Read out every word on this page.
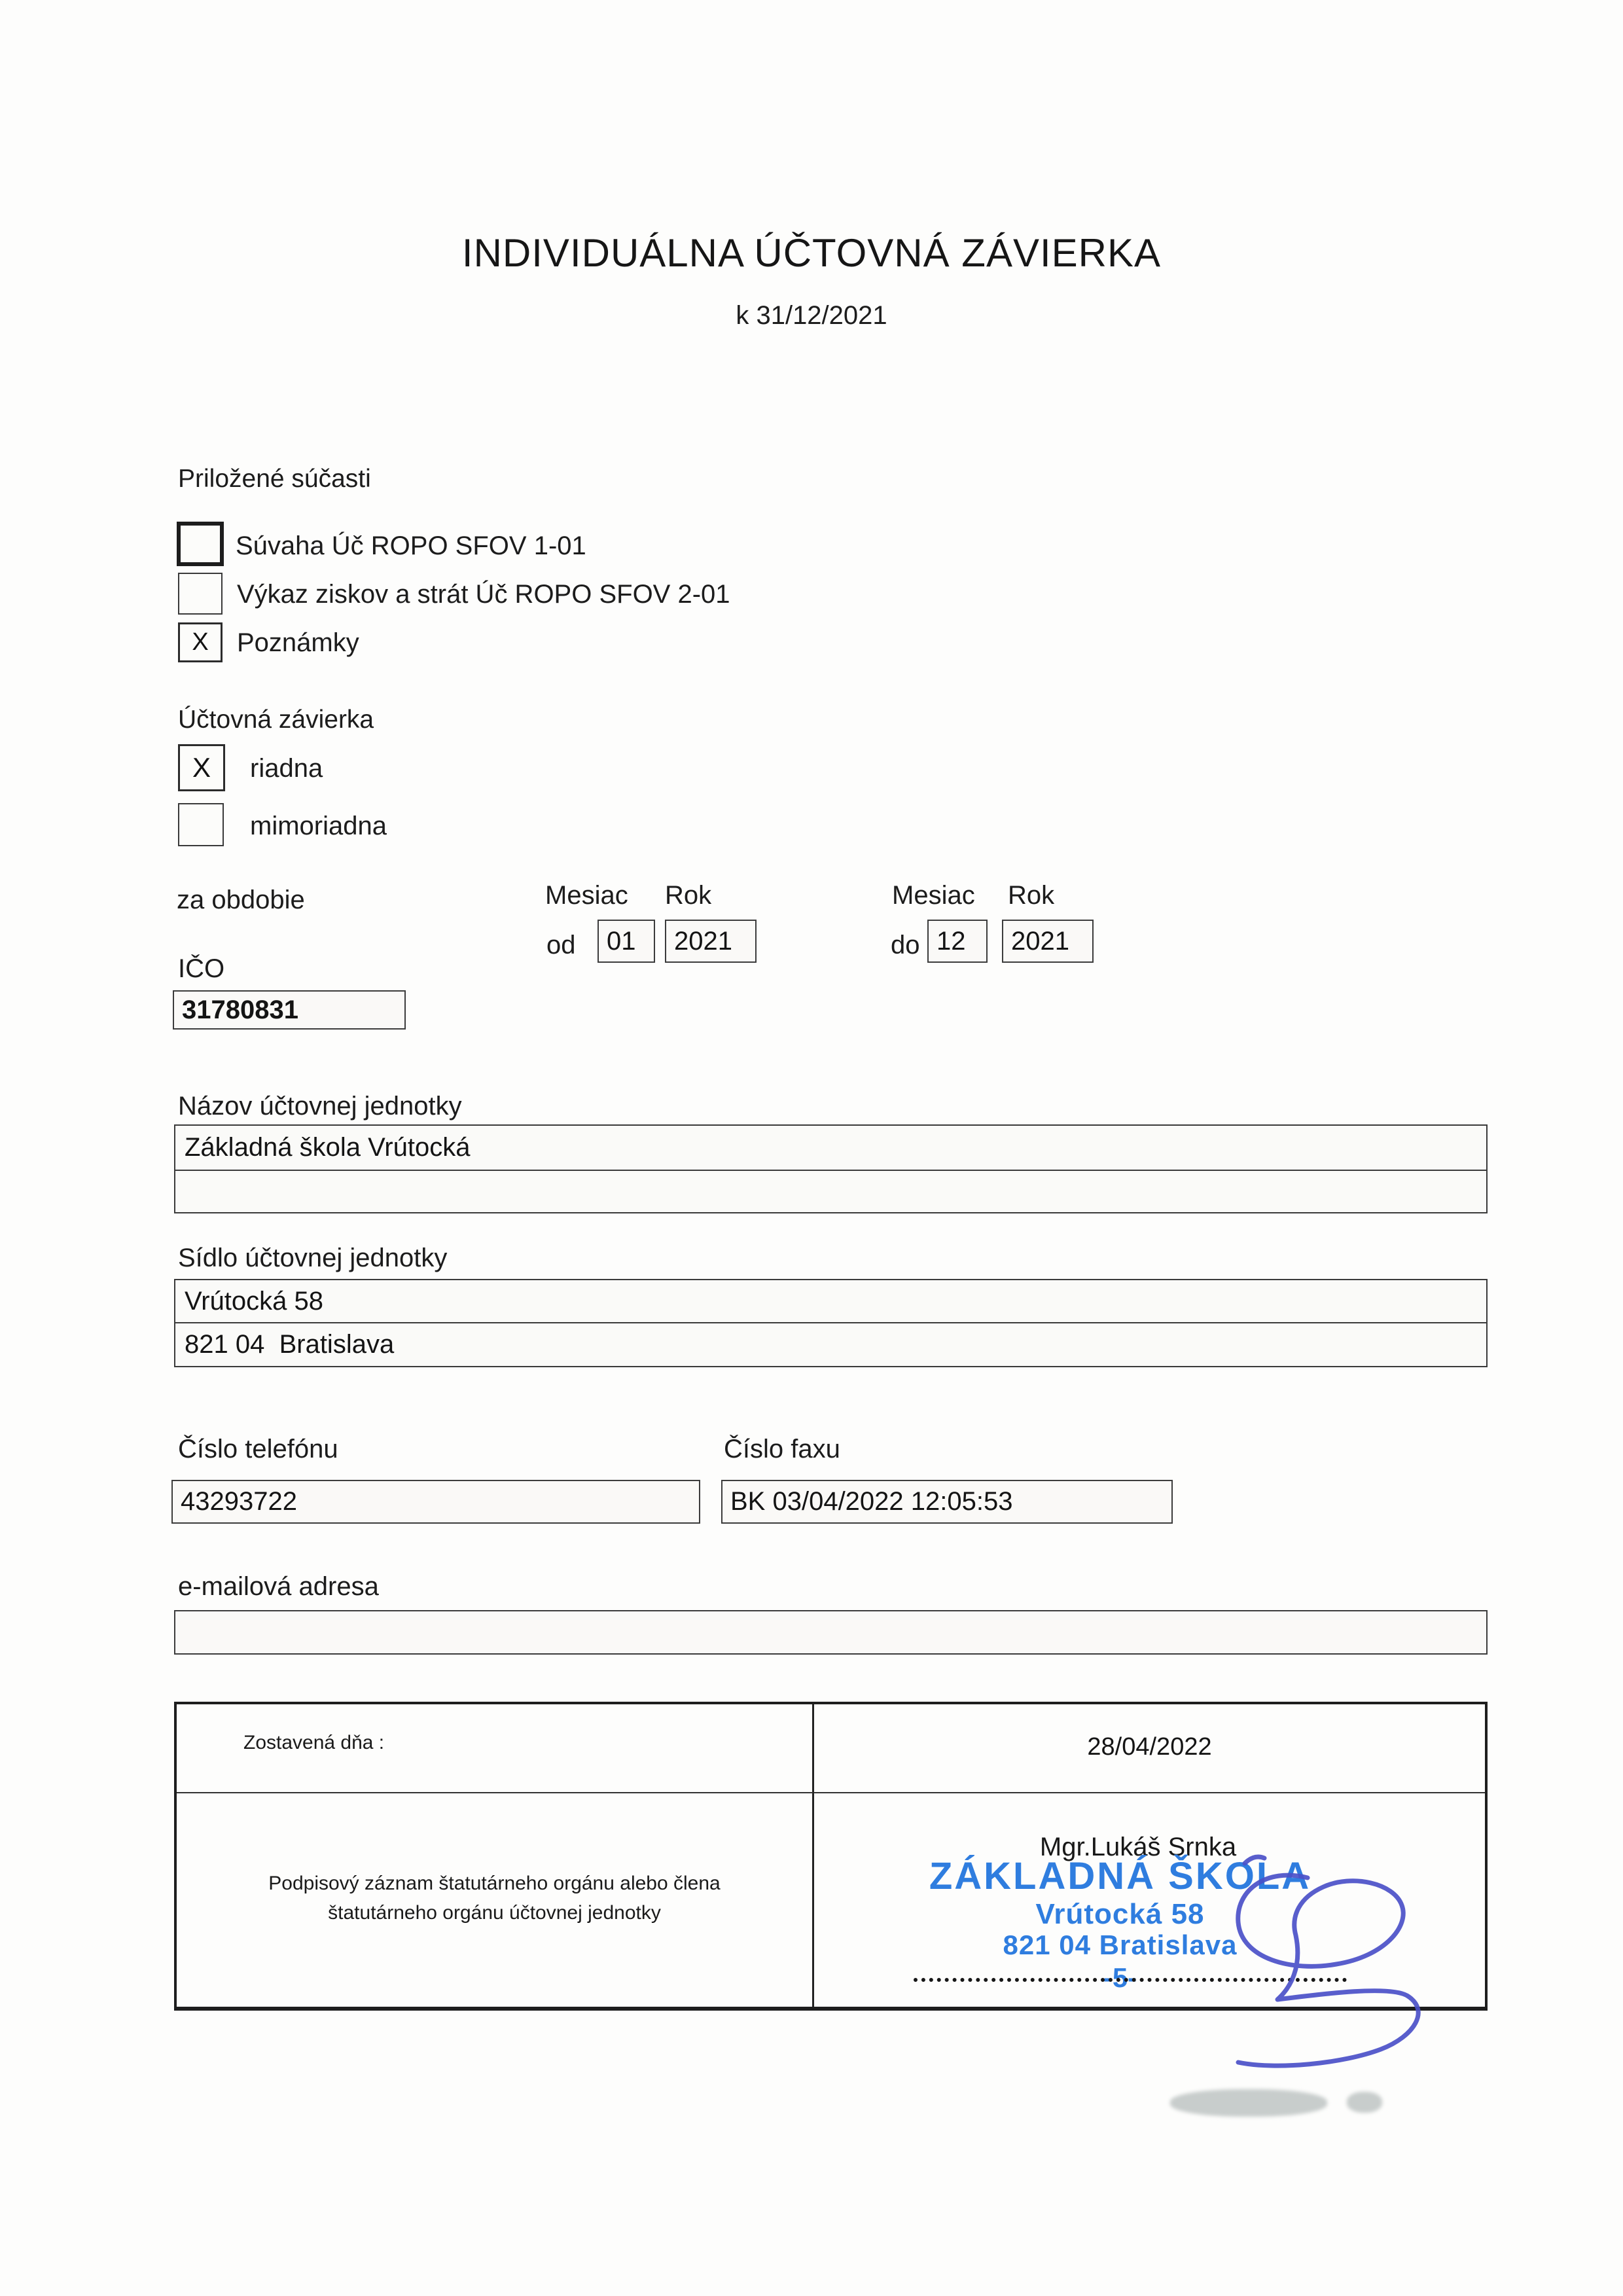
INDIVIDUÁLNA ÚČTOVNÁ ZÁVIERKA
k 31/12/2021
Priložené súčasti
Súvaha Úč ROPO SFOV 1-01
Výkaz ziskov a strát Úč ROPO SFOV 2-01
X Poznámky
Účtovná závierka
X riadna
mimoriadna
za obdobie	Mesiac Rok	Mesiac Rok
od 01 2021	do 12 2021
IČO
31780831
Názov účtovnej jednotky
Základná škola Vrútocká
Sídlo účtovnej jednotky
Vrútocká 58
821 04  Bratislava
Číslo telefónu	Číslo faxu
43293722	BK 03/04/2022 12:05:53
e-mailová adresa
Zostavená dňa :	28/04/2022
Podpisový záznam štatutárneho orgánu alebo člena
štatutárneho orgánu účtovnej jednotky
Mgr.Lukáš Srnka
ZÁKLADNÁ ŠKOLA
Vrútocká 58
821 04 Bratislava
-5-
